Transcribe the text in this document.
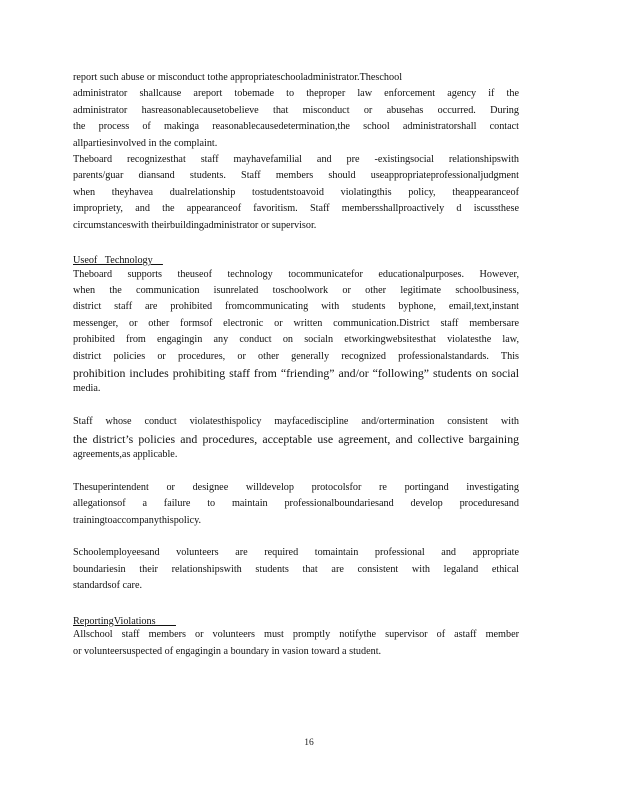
report such abuse or misconduct tothe appropriateschooladministrator.Theschool
administrator shallcause areport tobemade to theproper law enforcement agency if the
administrator hasreasonablecausetobelieve that misconduct or abusehas occurred. During
the process of makinga reasonablecausedetermination,the school administratorshall contact
allpartiesinvolved in the complaint.
Theboard recognizesthat staff mayhavefamilial and pre -existingsocial relationshipswith
parents/guar diansand students. Staff members should useappropriateprofessionaljudgment
when theyhavea dualrelationship tostudentstoavoid violatingthis policy, theappearanceof
impropriety, and the appearanceof favoritism. Staff membersshallproactively d iscussthese
circumstanceswith theirbuildingadministrator or supervisor.
Useof   Technology
Theboard supports theuseof technology tocommunicatefor educationalpurposes. However,
when the communication isunrelated toschoolwork or other legitimate schoolbusiness,
district staff are prohibited fromcommunicating with students byphone, email,text,instant
messenger, or other formsof electronic or written communication.District staff membersare
prohibited from engagingin any conduct on socialn etworkingwebsitesthat violatesthe law,
district policies or procedures, or other generally recognized professionalstandards. This
prohibition includes prohibiting staff from “friending” and/or “following” students on social
media.
Staff whose conduct violatesthispolicy mayfacediscipline and/ortermination consistent with
the district’s policies and procedures, acceptable use agreement, and collective bargaining
agreements,as applicable.
Thesuperintendent or designee willdevelop protocolsfor re portingand investigating
allegationsof a failure to maintain professionalboundariesand develop proceduresand
trainingtoaccompanythispolicy.
Schoolemployeesand volunteers are required tomaintain professional and appropriate
boundariesin their relationshipswith students that are consistent with legaland ethical
standardsof care.
ReportingViolations
Allschool staff members or volunteers must promptly notifythe supervisor of astaff member
or volunteersuspected of engagingin a boundary in vasion toward a student.
16
